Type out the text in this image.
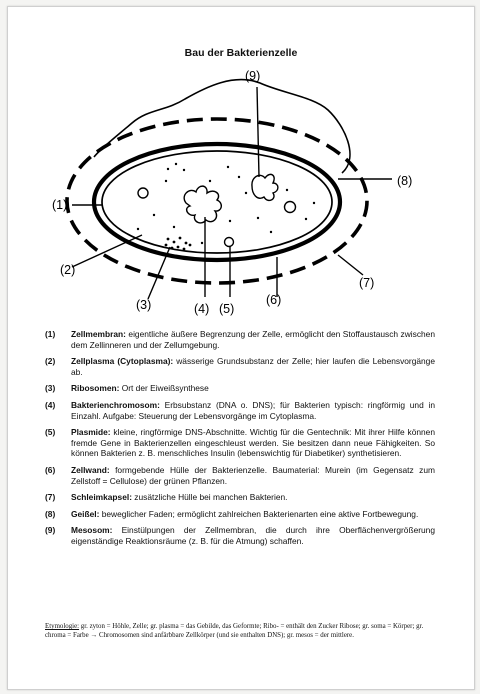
Bau der Bakterienzelle
(1)
(2)
(3)	(4) (5)
(6)
(7)
(8)
(9)
(1)	Zellmembran: eigentliche äußere Begrenzung der Zelle, ermöglicht den Stoffaustausch zwischen dem Zellinneren und der Zellumgebung.
(2)	Zellplasma (Cytoplasma): wässerige Grundsubstanz der Zelle; hier laufen die Lebensvorgänge ab.
(3)	Ribosomen: Ort der Eiweißsynthese
(4)	Bakterienchromosom: Erbsubstanz (DNA o. DNS); für Bakterien typisch: ringförmig und in Einzahl. Aufgabe: Steuerung der Lebensvorgänge im Cytoplasma.
(5)	Plasmide: kleine, ringförmige DNS-Abschnitte. Wichtig für die Gentechnik: Mit ihrer Hilfe können fremde Gene in Bakterienzellen eingeschleust werden. Sie besitzen dann neue Fähigkeiten. So können Bakterien z. B. menschliches Insulin (lebenswichtig für Diabetiker) synthetisieren.
(6)	Zellwand: formgebende Hülle der Bakterienzelle. Baumaterial: Murein (im Gegensatz zum Zellstoff = Cellulose) der grünen Pflanzen.
(7)	Schleimkapsel: zusätzliche Hülle bei manchen Bakterien.
(8)	Geißel: beweglicher Faden; ermöglicht zahlreichen Bakterienarten eine aktive Fortbewegung.
(9)	Mesosom: Einstülpungen der Zellmembran, die durch ihre Oberflächenvergrößerung eigenständige Reaktionsräume (z. B. für die Atmung) schaffen.
Etymologie: gr. zyton = Höhle, Zelle; gr. plasma = das Gebilde, das Geformte; Ribo- = enthält den Zucker Ribose; gr. soma = Körper; gr. chroma = Farbe → Chromosomen sind anfärbbare Zellkörper (und sie enthalten DNS); gr. mesos = der mittlere.
